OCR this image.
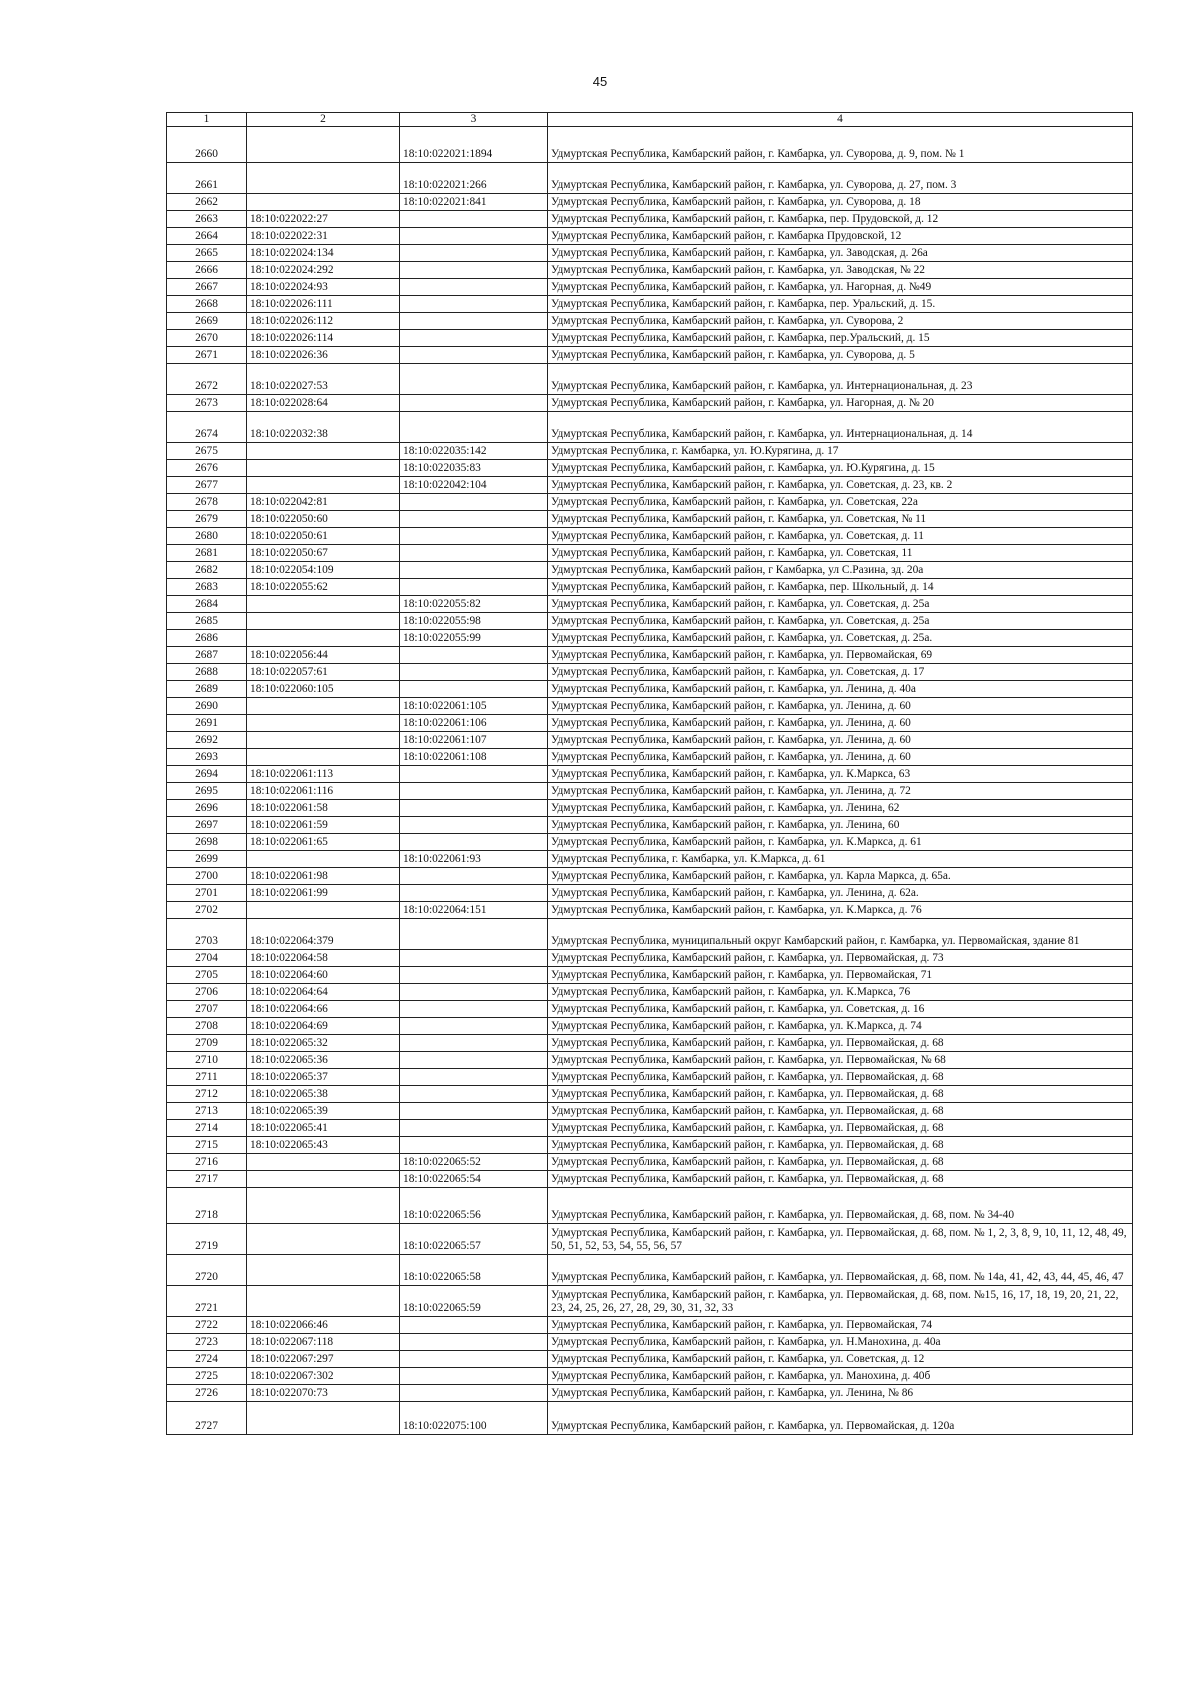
45
1	2	3	4
2660		18:10:022021:1894	Удмуртская Республика, Камбарский район, г. Камбарка, ул. Суворова, д. 9, пом. № 1
2661		18:10:022021:266	Удмуртская Республика, Камбарский район, г. Камбарка, ул. Суворова, д. 27, пом. 3
2662		18:10:022021:841	Удмуртская Республика, Камбарский район, г. Камбарка, ул. Суворова, д. 18
2663	18:10:022022:27		Удмуртская Республика, Камбарский район, г. Камбарка, пер. Прудовской, д. 12
2664	18:10:022022:31		Удмуртская Республика, Камбарский район, г. Камбарка Прудовской, 12
2665	18:10:022024:134		Удмуртская Республика, Камбарский район, г. Камбарка, ул. Заводская, д. 26а
2666	18:10:022024:292		Удмуртская Республика, Камбарский район, г. Камбарка, ул. Заводская, № 22
2667	18:10:022024:93		Удмуртская Республика, Камбарский район, г. Камбарка, ул. Нагорная, д. №49
2668	18:10:022026:111		Удмуртская Республика, Камбарский район, г. Камбарка, пер. Уральский, д. 15.
2669	18:10:022026:112		Удмуртская Республика, Камбарский район, г. Камбарка, ул. Суворова, 2
2670	18:10:022026:114		Удмуртская Республика, Камбарский район, г. Камбарка, пер.Уральский, д. 15
2671	18:10:022026:36		Удмуртская Республика, Камбарский район, г. Камбарка, ул. Суворова, д. 5
2672	18:10:022027:53		Удмуртская Республика, Камбарский район, г. Камбарка, ул. Интернациональная, д. 23
2673	18:10:022028:64		Удмуртская Республика, Камбарский район, г. Камбарка, ул. Нагорная, д. № 20
2674	18:10:022032:38		Удмуртская Республика, Камбарский район, г. Камбарка, ул. Интернациональная, д. 14
2675		18:10:022035:142	Удмуртская Республика, г. Камбарка, ул. Ю.Курягина, д. 17
2676		18:10:022035:83	Удмуртская Республика, Камбарский район, г. Камбарка, ул. Ю.Курягина, д. 15
2677		18:10:022042:104	Удмуртская Республика, Камбарский район, г. Камбарка, ул. Советская, д. 23, кв. 2
2678	18:10:022042:81		Удмуртская Республика, Камбарский район, г. Камбарка, ул. Советская, 22а
2679	18:10:022050:60		Удмуртская Республика, Камбарский район, г. Камбарка, ул. Советская, № 11
2680	18:10:022050:61		Удмуртская Республика, Камбарский район, г. Камбарка, ул. Советская, д. 11
2681	18:10:022050:67		Удмуртская Республика, Камбарский район, г. Камбарка, ул. Советская, 11
2682	18:10:022054:109		Удмуртская Республика, Камбарский район, г Камбарка, ул С.Разина, зд. 20а
2683	18:10:022055:62		Удмуртская Республика, Камбарский район, г. Камбарка, пер. Школьный, д. 14
2684		18:10:022055:82	Удмуртская Республика, Камбарский район, г. Камбарка, ул. Советская, д. 25а
2685		18:10:022055:98	Удмуртская Республика, Камбарский район, г. Камбарка, ул. Советская, д. 25а
2686		18:10:022055:99	Удмуртская Республика, Камбарский район, г. Камбарка, ул. Советская, д. 25а.
2687	18:10:022056:44		Удмуртская Республика, Камбарский район, г. Камбарка, ул. Первомайская, 69
2688	18:10:022057:61		Удмуртская Республика, Камбарский район, г. Камбарка, ул. Советская, д. 17
2689	18:10:022060:105		Удмуртская Республика, Камбарский район, г. Камбарка, ул. Ленина, д. 40а
2690		18:10:022061:105	Удмуртская Республика, Камбарский район, г. Камбарка, ул. Ленина, д. 60
2691		18:10:022061:106	Удмуртская Республика, Камбарский район, г. Камбарка, ул. Ленина, д. 60
2692		18:10:022061:107	Удмуртская Республика, Камбарский район, г. Камбарка, ул. Ленина, д. 60
2693		18:10:022061:108	Удмуртская Республика, Камбарский район, г. Камбарка, ул. Ленина, д. 60
2694	18:10:022061:113		Удмуртская Республика, Камбарский район, г. Камбарка, ул. К.Маркса, 63
2695	18:10:022061:116		Удмуртская Республика, Камбарский район, г. Камбарка, ул. Ленина, д. 72
2696	18:10:022061:58		Удмуртская Республика, Камбарский район, г. Камбарка, ул. Ленина, 62
2697	18:10:022061:59		Удмуртская Республика, Камбарский район, г. Камбарка, ул. Ленина, 60
2698	18:10:022061:65		Удмуртская Республика, Камбарский район, г. Камбарка, ул. К.Маркса, д. 61
2699		18:10:022061:93	Удмуртская Республика, г. Камбарка, ул. К.Маркса, д. 61
2700	18:10:022061:98		Удмуртская Республика, Камбарский район, г. Камбарка, ул. Карла Маркса, д. 65а.
2701	18:10:022061:99		Удмуртская Республика, Камбарский район, г. Камбарка, ул. Ленина, д. 62а.
2702		18:10:022064:151	Удмуртская Республика, Камбарский район, г. Камбарка, ул. К.Маркса, д. 76
2703	18:10:022064:379		Удмуртская Республика, муниципальный округ Камбарский район, г. Камбарка, ул. Первомайская, здание 81
2704	18:10:022064:58		Удмуртская Республика, Камбарский район, г. Камбарка, ул. Первомайская, д. 73
2705	18:10:022064:60		Удмуртская Республика, Камбарский район, г. Камбарка, ул. Первомайская, 71
2706	18:10:022064:64		Удмуртская Республика, Камбарский район, г. Камбарка, ул. К.Маркса, 76
2707	18:10:022064:66		Удмуртская Республика, Камбарский район, г. Камбарка, ул. Советская, д. 16
2708	18:10:022064:69		Удмуртская Республика, Камбарский район, г. Камбарка, ул. К.Маркса, д. 74
2709	18:10:022065:32		Удмуртская Республика, Камбарский район, г. Камбарка, ул. Первомайская, д. 68
2710	18:10:022065:36		Удмуртская Республика, Камбарский район, г. Камбарка, ул. Первомайская, № 68
2711	18:10:022065:37		Удмуртская Республика, Камбарский район, г. Камбарка, ул. Первомайская, д. 68
2712	18:10:022065:38		Удмуртская Республика, Камбарский район, г. Камбарка, ул. Первомайская, д. 68
2713	18:10:022065:39		Удмуртская Республика, Камбарский район, г. Камбарка, ул. Первомайская, д. 68
2714	18:10:022065:41		Удмуртская Республика, Камбарский район, г. Камбарка, ул. Первомайская, д. 68
2715	18:10:022065:43		Удмуртская Республика, Камбарский район, г. Камбарка, ул. Первомайская, д. 68
2716		18:10:022065:52	Удмуртская Республика, Камбарский район, г. Камбарка, ул. Первомайская, д. 68
2717		18:10:022065:54	Удмуртская Республика, Камбарский район, г. Камбарка, ул. Первомайская, д. 68
2718		18:10:022065:56	Удмуртская Республика, Камбарский район, г. Камбарка, ул. Первомайская, д. 68, пом. № 34-40
2719		18:10:022065:57	Удмуртская Республика, Камбарский район, г. Камбарка, ул. Первомайская, д. 68, пом. № 1, 2, 3, 8, 9, 10, 11, 12, 48, 49, 50, 51, 52, 53, 54, 55, 56, 57
2720		18:10:022065:58	Удмуртская Республика, Камбарский район, г. Камбарка, ул. Первомайская, д. 68, пом. № 14а, 41, 42, 43, 44, 45, 46, 47
2721		18:10:022065:59	Удмуртская Республика, Камбарский район, г. Камбарка, ул. Первомайская, д. 68, пом. №15, 16, 17, 18, 19, 20, 21, 22, 23, 24, 25, 26, 27, 28, 29, 30, 31, 32, 33
2722	18:10:022066:46		Удмуртская Республика, Камбарский район, г. Камбарка, ул. Первомайская, 74
2723	18:10:022067:118		Удмуртская Республика, Камбарский район, г. Камбарка, ул. Н.Манохина, д. 40а
2724	18:10:022067:297		Удмуртская Республика, Камбарский район, г. Камбарка, ул. Советская, д. 12
2725	18:10:022067:302		Удмуртская Республика, Камбарский район, г. Камбарка, ул. Манохина, д. 40б
2726	18:10:022070:73		Удмуртская Республика, Камбарский район, г. Камбарка, ул. Ленина, № 86
2727		18:10:022075:100	Удмуртская Республика, Камбарский район, г. Камбарка, ул. Первомайская, д. 120а
